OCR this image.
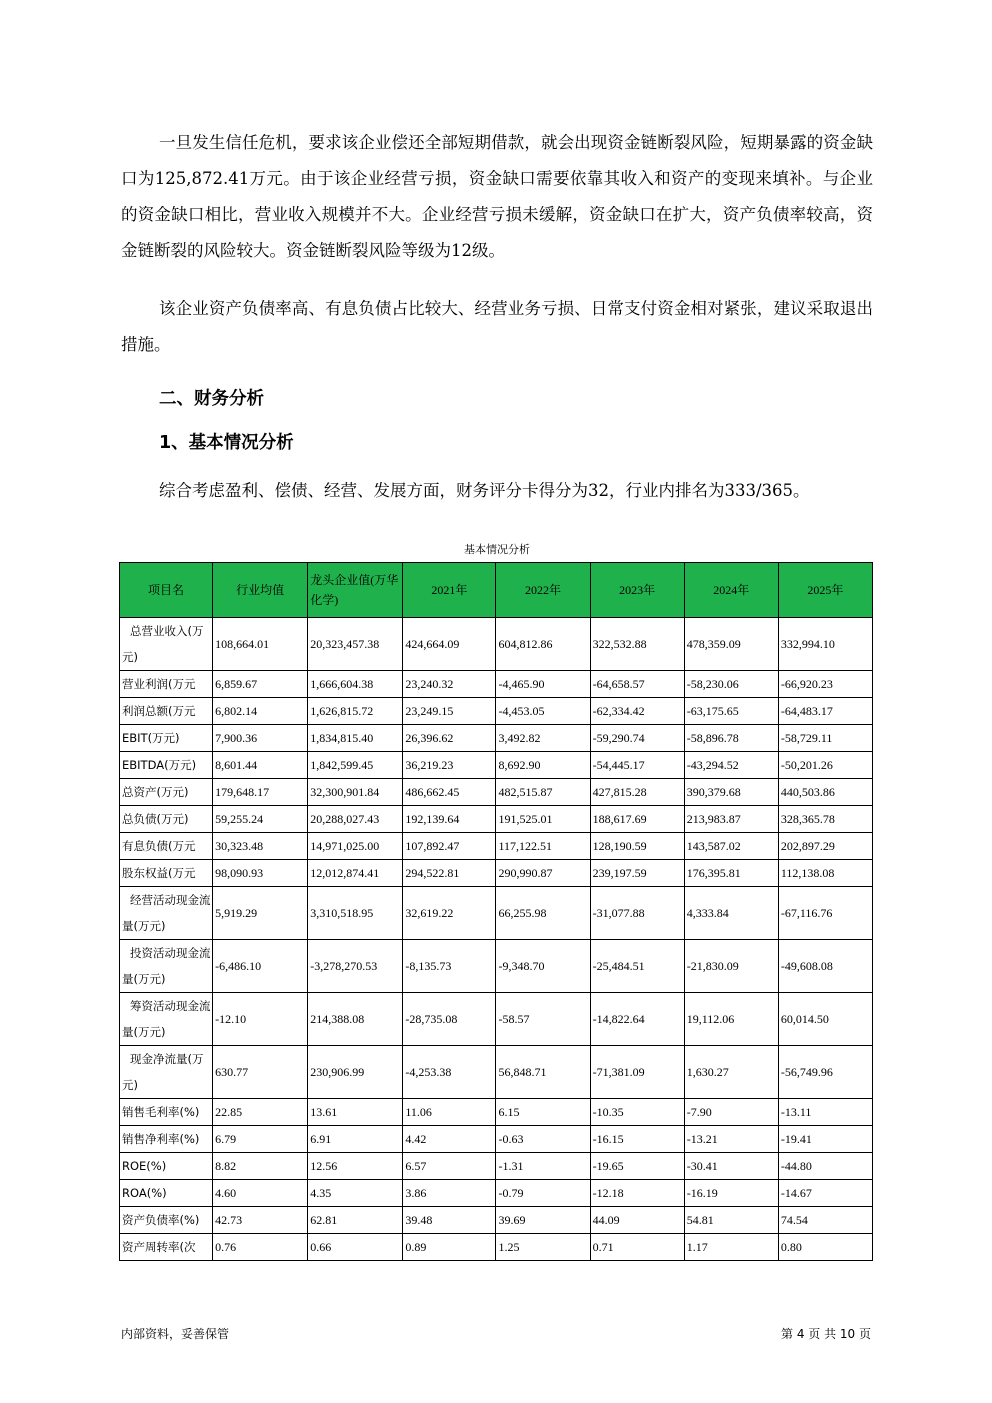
一旦发生信任危机，要求该企业偿还全部短期借款，就会出现资金链断裂风险，短期暴露的资金缺口为125,872.41万元。由于该企业经营亏损，资金缺口需要依靠其收入和资产的变现来填补。与企业的资金缺口相比，营业收入规模并不大。企业经营亏损未缓解，资金缺口在扩大，资产负债率较高，资金链断裂的风险较大。资金链断裂风险等级为12级。

该企业资产负债率高、有息负债占比较大、经营业务亏损、日常支付资金相对紧张，建议采取退出措施。

二、财务分析
1、基本情况分析

综合考虑盈利、偿债、经营、发展方面，财务评分卡得分为32，行业内排名为333/365。

基本情况分析
项目名	行业均值	龙头企业值(万华化学)	2021年	2022年	2023年	2024年	2025年
总营业收入(万元)	108,664.01	20,323,457.38	424,664.09	604,812.86	322,532.88	478,359.09	332,994.10
营业利润(万元	6,859.67	1,666,604.38	23,240.32	-4,465.90	-64,658.57	-58,230.06	-66,920.23
利润总额(万元	6,802.14	1,626,815.72	23,249.15	-4,453.05	-62,334.42	-63,175.65	-64,483.17
EBIT(万元)	7,900.36	1,834,815.40	26,396.62	3,492.82	-59,290.74	-58,896.78	-58,729.11
EBITDA(万元)	8,601.44	1,842,599.45	36,219.23	8,692.90	-54,445.17	-43,294.52	-50,201.26
总资产(万元)	179,648.17	32,300,901.84	486,662.45	482,515.87	427,815.28	390,379.68	440,503.86
总负债(万元)	59,255.24	20,288,027.43	192,139.64	191,525.01	188,617.69	213,983.87	328,365.78
有息负债(万元	30,323.48	14,971,025.00	107,892.47	117,122.51	128,190.59	143,587.02	202,897.29
股东权益(万元	98,090.93	12,012,874.41	294,522.81	290,990.87	239,197.59	176,395.81	112,138.08
经营活动现金流量(万元)	5,919.29	3,310,518.95	32,619.22	66,255.98	-31,077.88	4,333.84	-67,116.76
投资活动现金流量(万元)	-6,486.10	-3,278,270.53	-8,135.73	-9,348.70	-25,484.51	-21,830.09	-49,608.08
筹资活动现金流量(万元)	-12.10	214,388.08	-28,735.08	-58.57	-14,822.64	19,112.06	60,014.50
现金净流量(万元)	630.77	230,906.99	-4,253.38	56,848.71	-71,381.09	1,630.27	-56,749.96
销售毛利率(%)	22.85	13.61	11.06	6.15	-10.35	-7.90	-13.11
销售净利率(%)	6.79	6.91	4.42	-0.63	-16.15	-13.21	-19.41
ROE(%)	8.82	12.56	6.57	-1.31	-19.65	-30.41	-44.80
ROA(%)	4.60	4.35	3.86	-0.79	-12.18	-16.19	-14.67
资产负债率(%)	42.73	62.81	39.48	39.69	44.09	54.81	74.54
资产周转率(次	0.76	0.66	0.89	1.25	0.71	1.17	0.80
内部资料，妥善保管	第 4 页 共 10 页
